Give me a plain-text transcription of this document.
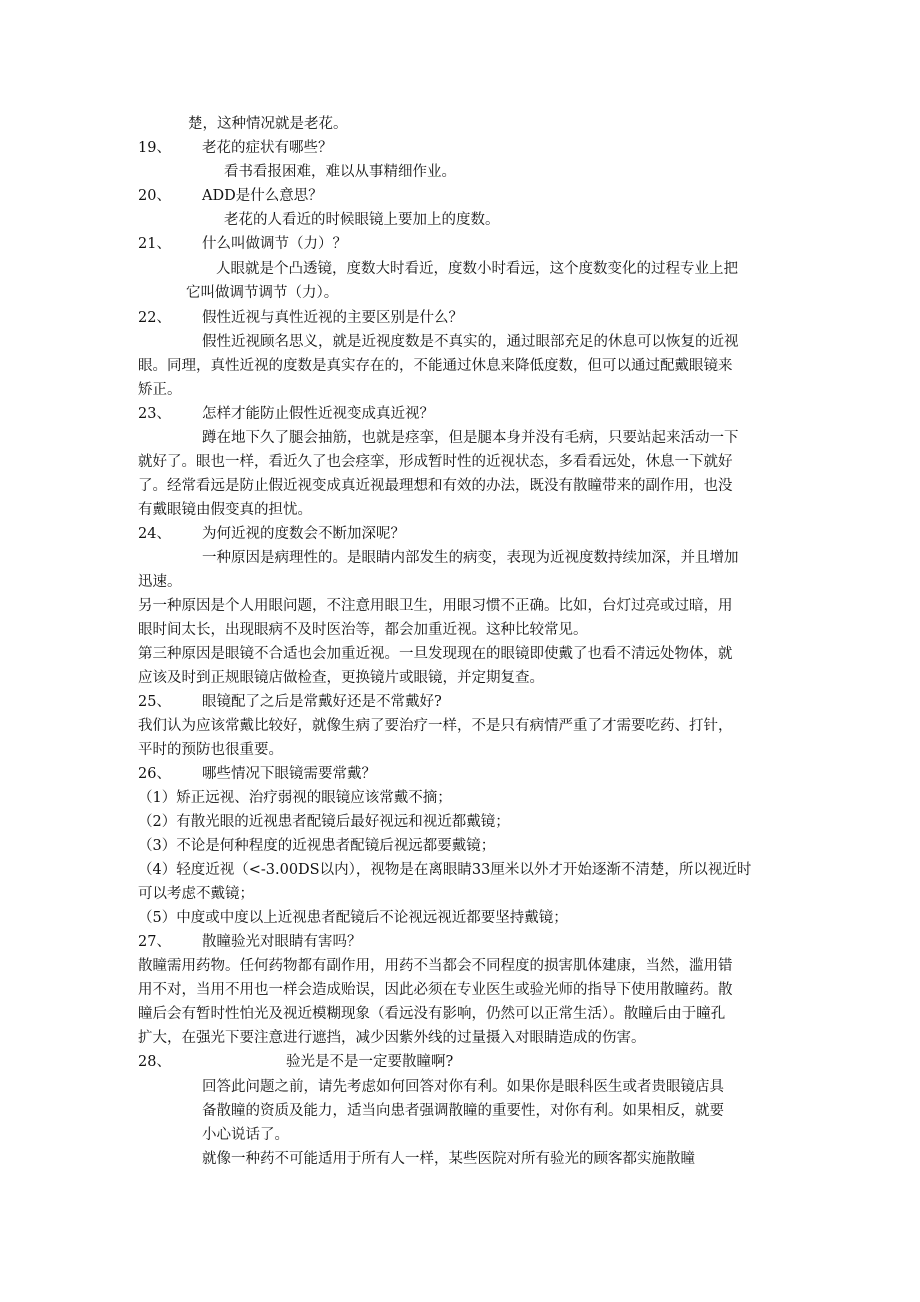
楚，这种情况就是老花。
19、 老花的症状有哪些？
看书看报困难，难以从事精细作业。
20、 ADD是什么意思？
老花的人看近的时候眼镜上要加上的度数。
21、 什么叫做调节（力）？
人眼就是个凸透镜，度数大时看近，度数小时看远，这个度数变化的过程专业上把
它叫做调节调节（力）。
22、 假性近视与真性近视的主要区别是什么？
假性近视顾名思义，就是近视度数是不真实的，通过眼部充足的休息可以恢复的近视
眼。同理，真性近视的度数是真实存在的，不能通过休息来降低度数，但可以通过配戴眼镜来
矫正。
23、 怎样才能防止假性近视变成真近视？
蹲在地下久了腿会抽筋，也就是痉挛，但是腿本身并没有毛病，只要站起来活动一下
就好了。眼也一样，看近久了也会痉挛，形成暂时性的近视状态，多看看远处，休息一下就好
了。经常看远是防止假近视变成真近视最理想和有效的办法，既没有散瞳带来的副作用，也没
有戴眼镜由假变真的担忧。
24、 为何近视的度数会不断加深呢？
一种原因是病理性的。是眼睛内部发生的病变，表现为近视度数持续加深，并且增加
迅速。
另一种原因是个人用眼问题，不注意用眼卫生，用眼习惯不正确。比如，台灯过亮或过暗，用
眼时间太长，出现眼病不及时医治等，都会加重近视。这种比较常见。
第三种原因是眼镜不合适也会加重近视。一旦发现现在的眼镜即使戴了也看不清远处物体，就
应该及时到正规眼镜店做检查，更换镜片或眼镜，并定期复查。
25、 眼镜配了之后是常戴好还是不常戴好?
我们认为应该常戴比较好，就像生病了要治疗一样，不是只有病情严重了才需要吃药、打针，
平时的预防也很重要。
26、 哪些情况下眼镜需要常戴？
（1）矫正远视、治疗弱视的眼镜应该常戴不摘；
（2）有散光眼的近视患者配镜后最好视远和视近都戴镜；
（3）不论是何种程度的近视患者配镜后视远都要戴镜；
（4）轻度近视（<-3.00DS以内），视物是在离眼睛33厘米以外才开始逐渐不清楚，所以视近时
可以考虑不戴镜；
（5）中度或中度以上近视患者配镜后不论视远视近都要坚持戴镜；
27、 散瞳验光对眼睛有害吗？
散瞳需用药物。任何药物都有副作用，用药不当都会不同程度的损害肌体建康，当然，滥用错
用不对，当用不用也一样会造成贻误，因此必须在专业医生或验光师的指导下使用散瞳药。散
瞳后会有暂时性怕光及视近模糊现象（看远没有影响，仍然可以正常生活）。散瞳后由于瞳孔
扩大，在强光下要注意进行遮挡，减少因紫外线的过量摄入对眼睛造成的伤害。
28、	验光是不是一定要散瞳啊?
回答此问题之前，请先考虑如何回答对你有利。如果你是眼科医生或者贵眼镜店具
备散瞳的资质及能力，适当向患者强调散瞳的重要性，对你有利。如果相反，就要
小心说话了。
就像一种药不可能适用于所有人一样，某些医院对所有验光的顾客都实施散瞳
